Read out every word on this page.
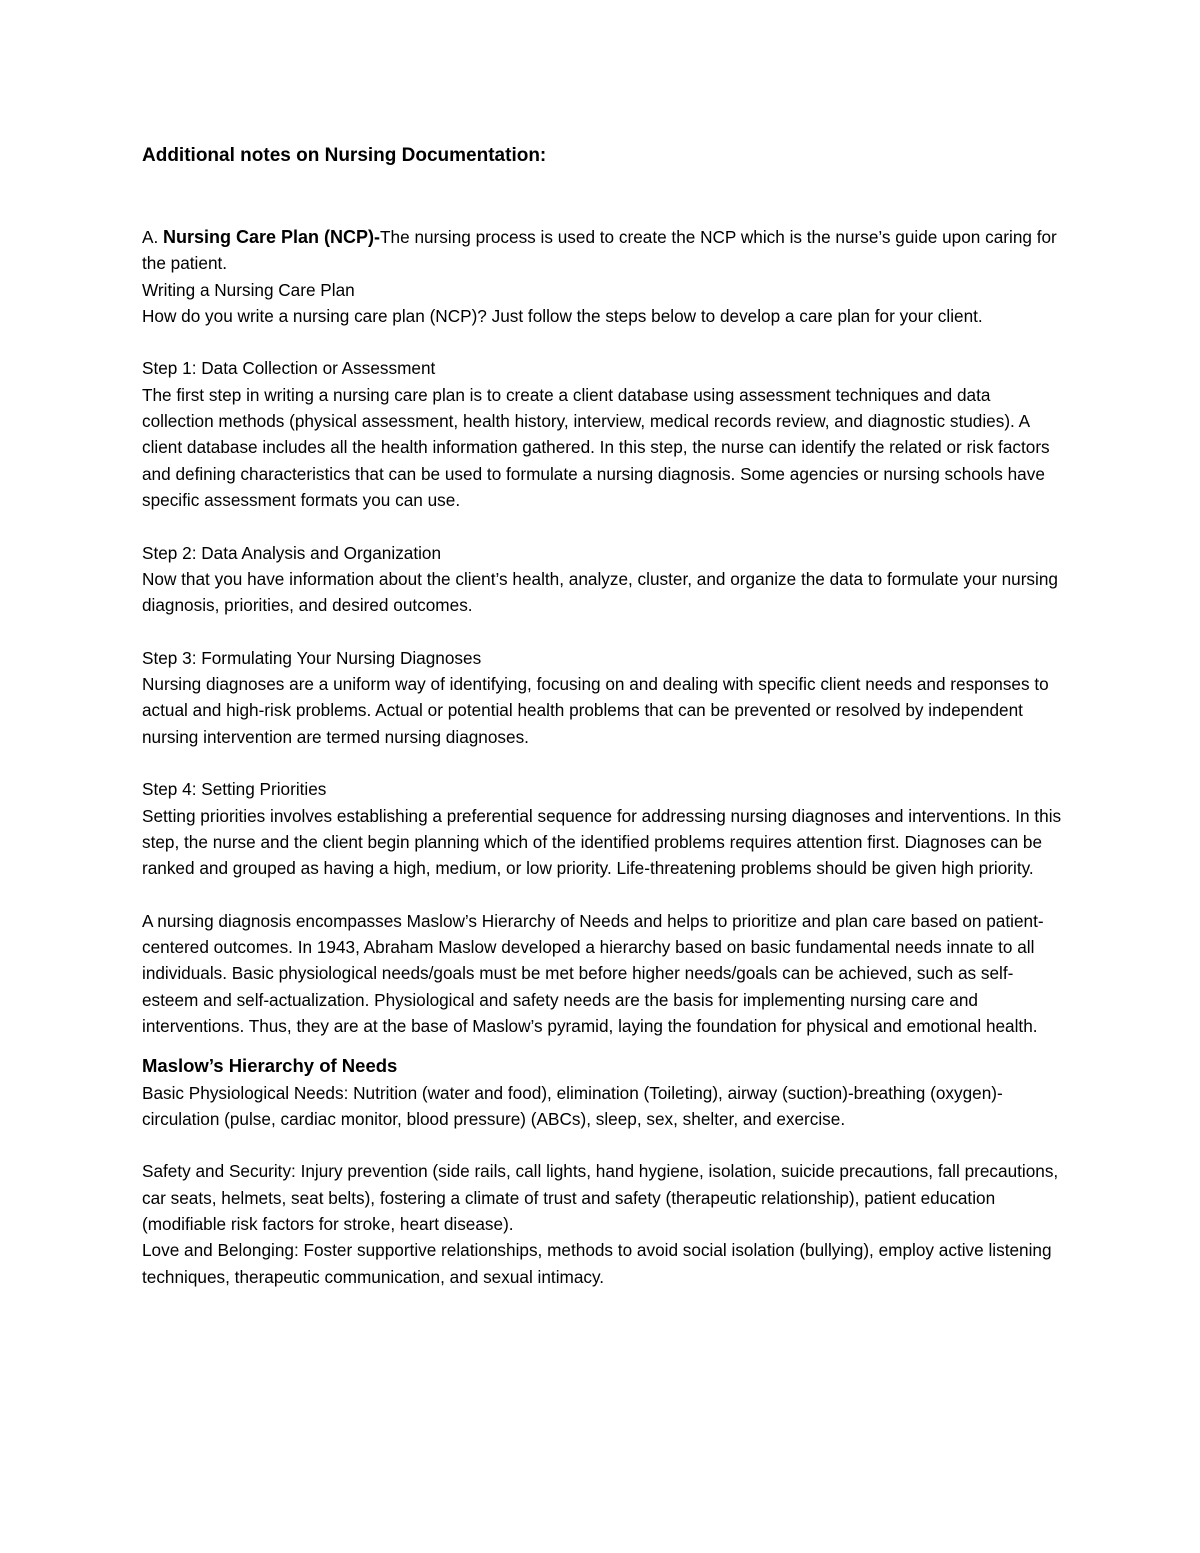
Additional notes on Nursing Documentation:

A. Nursing Care Plan (NCP)-The nursing process is used to create the NCP which is the nurse’s guide upon caring for the patient.

Writing a Nursing Care Plan

How do you write a nursing care plan (NCP)? Just follow the steps below to develop a care plan for your client.

Step 1: Data Collection or Assessment

The first step in writing a nursing care plan is to create a client database using assessment techniques and data collection methods (physical assessment, health history, interview, medical records review, and diagnostic studies). A client database includes all the health information gathered. In this step, the nurse can identify the related or risk factors and defining characteristics that can be used to formulate a nursing diagnosis. Some agencies or nursing schools have specific assessment formats you can use.

Step 2: Data Analysis and Organization

Now that you have information about the client’s health, analyze, cluster, and organize the data to formulate your nursing diagnosis, priorities, and desired outcomes.

Step 3: Formulating Your Nursing Diagnoses

Nursing diagnoses are a uniform way of identifying, focusing on and dealing with specific client needs and responses to actual and high-risk problems. Actual or potential health problems that can be prevented or resolved by independent nursing intervention are termed nursing diagnoses.

Step 4: Setting Priorities

Setting priorities involves establishing a preferential sequence for addressing nursing diagnoses and interventions. In this step, the nurse and the client begin planning which of the identified problems requires attention first. Diagnoses can be ranked and grouped as having a high, medium, or low priority. Life-threatening problems should be given high priority.

A nursing diagnosis encompasses Maslow’s Hierarchy of Needs and helps to prioritize and plan care based on patient-centered outcomes. In 1943, Abraham Maslow developed a hierarchy based on basic fundamental needs innate to all individuals. Basic physiological needs/goals must be met before higher needs/goals can be achieved, such as self-esteem and self-actualization. Physiological and safety needs are the basis for implementing nursing care and interventions. Thus, they are at the base of Maslow’s pyramid, laying the foundation for physical and emotional health.

Maslow’s Hierarchy of Needs

Basic Physiological Needs: Nutrition (water and food), elimination (Toileting), airway (suction)-breathing (oxygen)-circulation (pulse, cardiac monitor, blood pressure) (ABCs), sleep, sex, shelter, and exercise.

Safety and Security: Injury prevention (side rails, call lights, hand hygiene, isolation, suicide precautions, fall precautions, car seats, helmets, seat belts), fostering a climate of trust and safety (therapeutic relationship), patient education (modifiable risk factors for stroke, heart disease).

Love and Belonging: Foster supportive relationships, methods to avoid social isolation (bullying), employ active listening techniques, therapeutic communication, and sexual intimacy.
